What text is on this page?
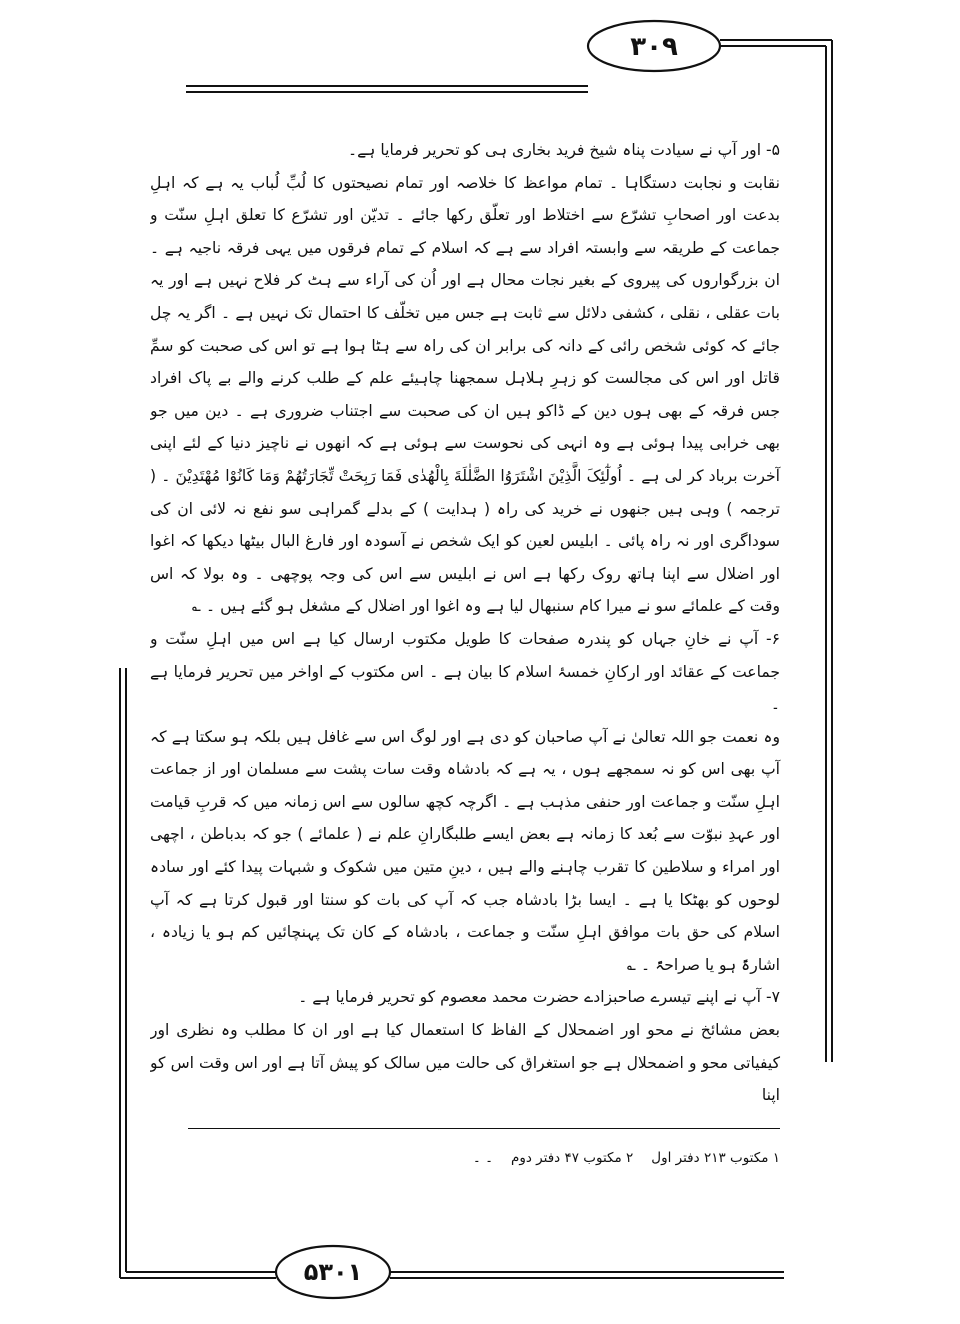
۳۰۹

۵- اور آپ نے سیادت پناہ شیخ فرید بخاری ہی کو تحریر فرمایا ہے۔

نقابت و نجابت دستگاہا ۔ تمام مواعظ کا خلاصہ اور تمام نصیحتوں کا لُبِّ لُباب یہ ہے کہ اہلِ بدعت اور اصحابِ تشرّع سے اختلاط اور تعلّق رکھا جائے ۔ تدیّن اور تشرّع کا تعلق اہلِ سنّت و جماعت کے طریقہ سے وابستہ افراد سے ہے کہ اسلام کے تمام فرقوں میں یہی فرقہ ناجیہ ہے ۔ ان بزرگواروں کی پیروی کے بغیر نجات محال ہے اور اُن کی آراء سے ہٹ کر فلاح نہیں ہے اور یہ بات عقلی ، نقلی ، کشفی دلائل سے ثابت ہے جس میں تخلّف کا احتمال تک نہیں ہے ۔ اگر یہ چل جائے کہ کوئی شخص رائی کے دانہ کی برابر ان کی راہ سے ہٹا ہوا ہے تو اس کی صحبت کو سمِّ قاتل اور اس کی مجالست کو زہرِ ہلاہل سمجھنا چاہیئے علم کے طلب کرنے والے بے پاک افراد جس فرقہ کے بھی ہوں دین کے ڈاکو ہیں ان کی صحبت سے اجتناب ضروری ہے ۔ دین میں جو بھی خرابی پیدا ہوئی ہے وہ انہی کی نحوست سے ہوئی ہے کہ انھوں نے ناچیز دنیا کے لئے اپنی آخرت برباد کر لی ہے ۔ اُولٰٓئِکَ الَّذِیْنَ اشْتَرَوُا الضَّلٰلَةَ بِالْهُدٰی فَمَا رَبِحَتْ تِّجَارَتُهُمْ وَمَا کَانُوْا مُهْتَدِیْنَ ۔ ( ترجمہ ) وہی ہیں جنھوں نے خرید کی راہ ( ہدایت ) کے بدلے گمراہی سو نفع نہ لائی ان کی سوداگری اور نہ راہ پائی ۔ ابلیس لعین کو ایک شخص نے آسودہ اور فارغ البال بیٹھا دیکھا کہ اغوا اور اضلال سے اپنا ہاتھ روک رکھا ہے اس نے ابلیس سے اس کی وجہ پوچھی ۔ وہ بولا کہ اس وقت کے علمائے سو نے میرا کام سنبھال لیا ہے وہ اغوا اور اضلال کے مشغل ہو گئے ہیں ۔ ؎

۶- آپ نے خانِ جہاں کو پندرہ صفحات کا طویل مکتوب ارسال کیا ہے اس میں اہلِ سنّت و جماعت کے عقائد اور ارکانِ خمسۂ اسلام کا بیان ہے ۔ اس مکتوب کے اواخر میں تحریر فرمایا ہے ۔

وہ نعمت جو اللہ تعالیٰ نے آپ صاحبان کو دی ہے اور لوگ اس سے غافل ہیں بلکہ ہو سکتا ہے کہ آپ بھی اس کو نہ سمجھے ہوں ، یہ ہے کہ بادشاہ وقت سات پشت سے مسلمان اور از جماعت اہلِ سنّت و جماعت اور حنفی مذہب ہے ۔ اگرچہ کچھ سالوں سے اس زمانہ میں کہ قربِ قیامت اور عہدِ نبوّت سے بُعد کا زمانہ ہے بعض ایسے طلبگارانِ علم نے ( علمائے ) جو کہ بدباطن ، اچھی اور امراء و سلاطین کا تقرب چاہنے والے ہیں ، دینِ متین میں شکوک و شبہات پیدا کئے اور سادہ لوحوں کو بھٹکا یا ہے ۔ ایسا بڑا بادشاہ جب کہ آپ کی بات کو سنتا اور قبول کرتا ہے کہ آپ اسلام کی حق بات موافق اہلِ سنّت و جماعت ، بادشاہ کے کان تک پہنچائیں کم ہو یا زیادہ ، اشارۃً ہو یا صراحۃً ۔ ؎

۷- آپ نے اپنے تیسرے صاحبزادے حضرت محمد معصوم کو تحریر فرمایا ہے ۔

بعض مشائخ نے محو اور اضمحلال کے الفاظ کا استعمال کیا ہے اور ان کا مطلب وہ نظری اور کیفیاتی محو و اضمحلال ہے جو استغراق کی حالت میں سالک کو پیش آتا ہے اور اس وقت اس کو اپنا

۱ مکتوب ۲۱۳ دفتر اول
۲ مکتوب ۴۷ دفتر دوم
۔ ۔
۵۳۰۱
